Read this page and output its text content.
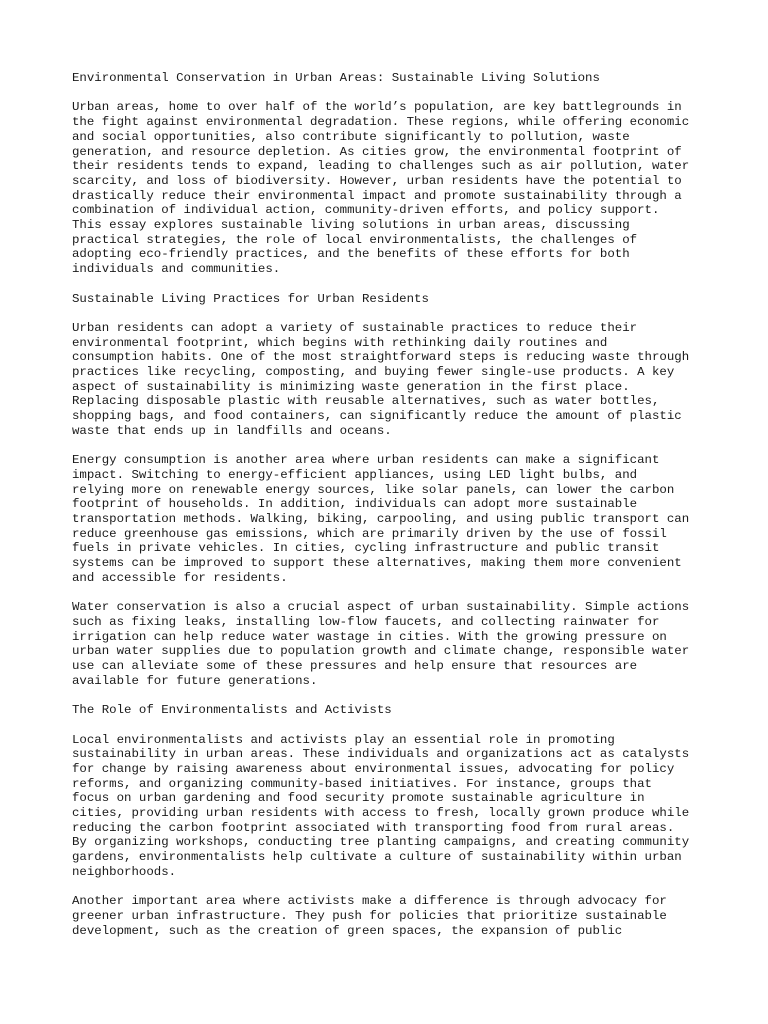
Environmental Conservation in Urban Areas: Sustainable Living Solutions

Urban areas, home to over half of the world’s population, are key battlegrounds in
the fight against environmental degradation. These regions, while offering economic
and social opportunities, also contribute significantly to pollution, waste
generation, and resource depletion. As cities grow, the environmental footprint of
their residents tends to expand, leading to challenges such as air pollution, water
scarcity, and loss of biodiversity. However, urban residents have the potential to
drastically reduce their environmental impact and promote sustainability through a
combination of individual action, community-driven efforts, and policy support.
This essay explores sustainable living solutions in urban areas, discussing
practical strategies, the role of local environmentalists, the challenges of
adopting eco-friendly practices, and the benefits of these efforts for both
individuals and communities.

Sustainable Living Practices for Urban Residents

Urban residents can adopt a variety of sustainable practices to reduce their
environmental footprint, which begins with rethinking daily routines and
consumption habits. One of the most straightforward steps is reducing waste through
practices like recycling, composting, and buying fewer single-use products. A key
aspect of sustainability is minimizing waste generation in the first place.
Replacing disposable plastic with reusable alternatives, such as water bottles,
shopping bags, and food containers, can significantly reduce the amount of plastic
waste that ends up in landfills and oceans.

Energy consumption is another area where urban residents can make a significant
impact. Switching to energy-efficient appliances, using LED light bulbs, and
relying more on renewable energy sources, like solar panels, can lower the carbon
footprint of households. In addition, individuals can adopt more sustainable
transportation methods. Walking, biking, carpooling, and using public transport can
reduce greenhouse gas emissions, which are primarily driven by the use of fossil
fuels in private vehicles. In cities, cycling infrastructure and public transit
systems can be improved to support these alternatives, making them more convenient
and accessible for residents.

Water conservation is also a crucial aspect of urban sustainability. Simple actions
such as fixing leaks, installing low-flow faucets, and collecting rainwater for
irrigation can help reduce water wastage in cities. With the growing pressure on
urban water supplies due to population growth and climate change, responsible water
use can alleviate some of these pressures and help ensure that resources are
available for future generations.

The Role of Environmentalists and Activists

Local environmentalists and activists play an essential role in promoting
sustainability in urban areas. These individuals and organizations act as catalysts
for change by raising awareness about environmental issues, advocating for policy
reforms, and organizing community-based initiatives. For instance, groups that
focus on urban gardening and food security promote sustainable agriculture in
cities, providing urban residents with access to fresh, locally grown produce while
reducing the carbon footprint associated with transporting food from rural areas.
By organizing workshops, conducting tree planting campaigns, and creating community
gardens, environmentalists help cultivate a culture of sustainability within urban
neighborhoods.

Another important area where activists make a difference is through advocacy for
greener urban infrastructure. They push for policies that prioritize sustainable
development, such as the creation of green spaces, the expansion of public
